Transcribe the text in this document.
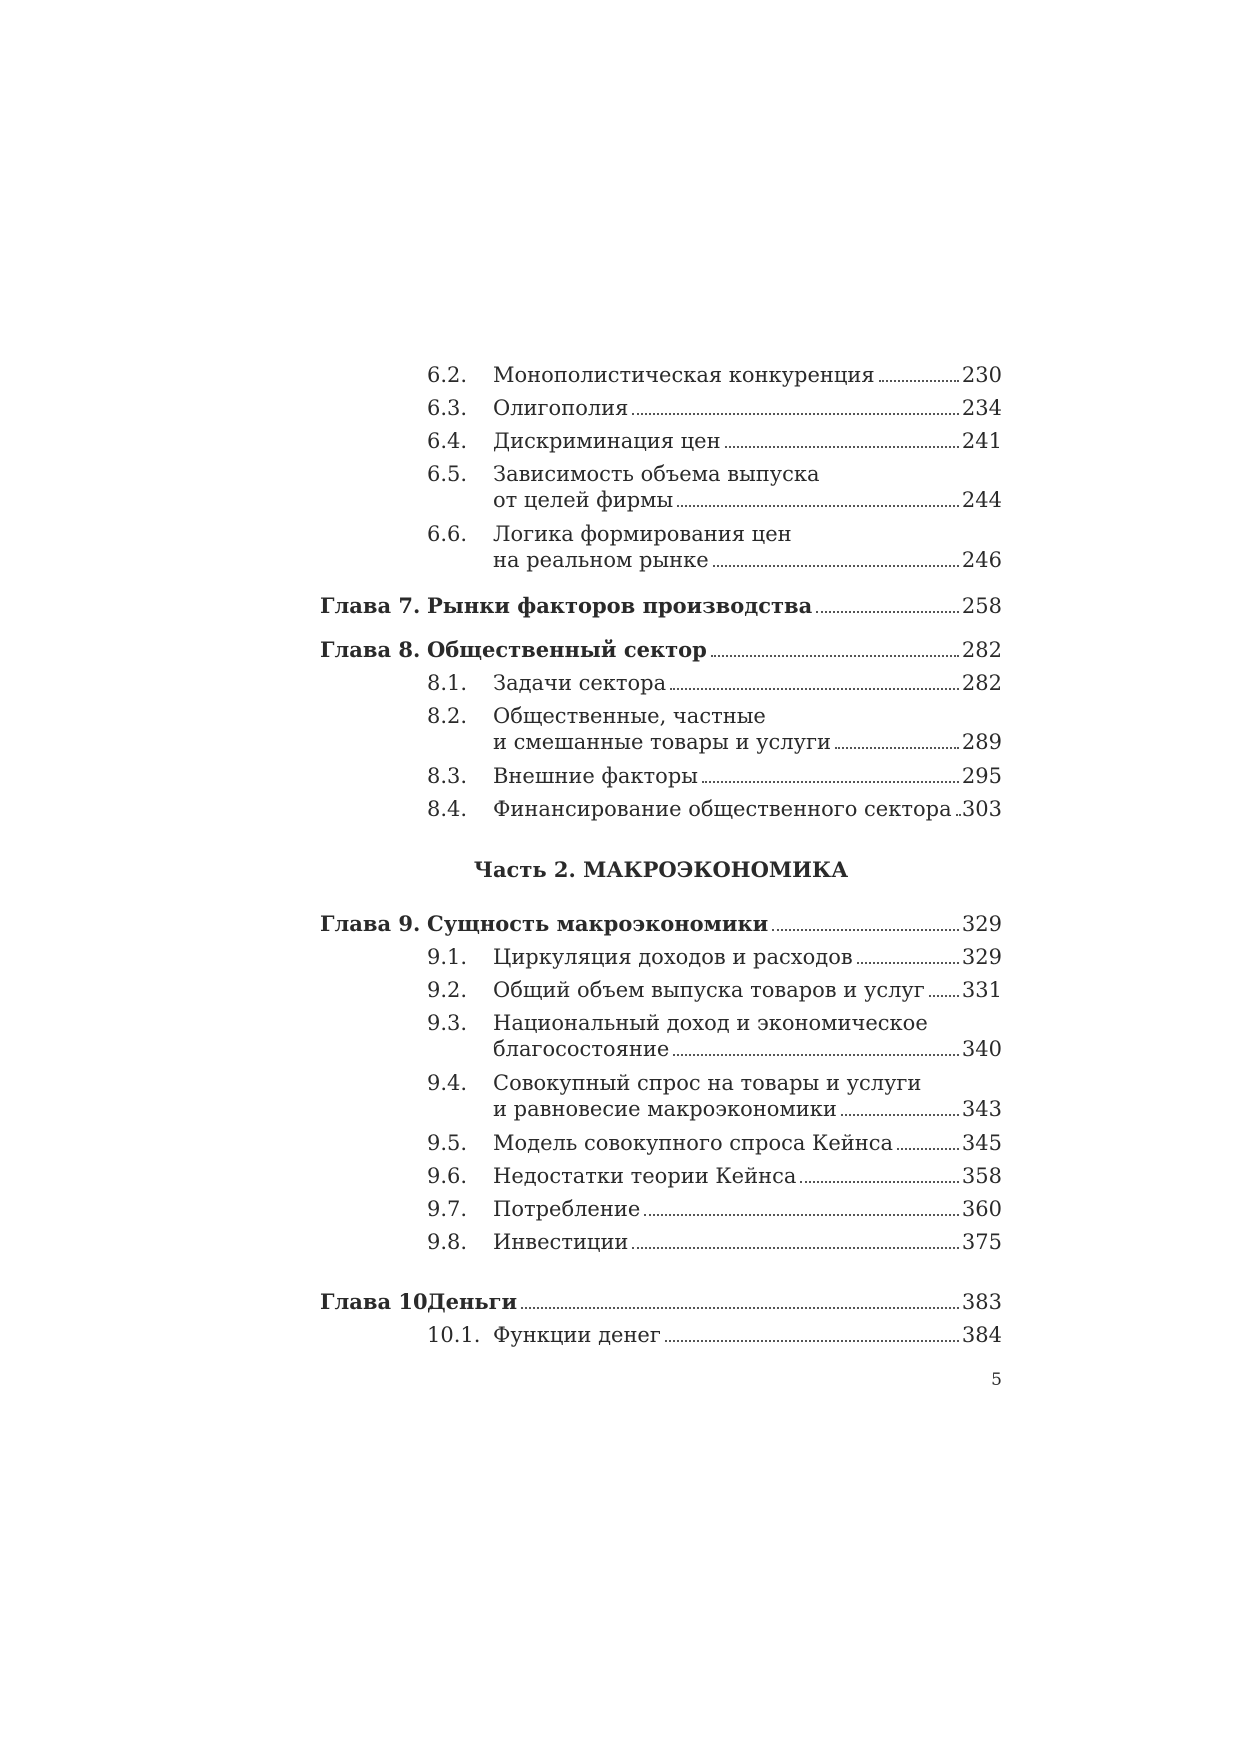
6.2.	Монополистическая конкуренция	230
6.3.	Олигополия	234
6.4.	Дискриминация цен	241
6.5.	Зависимость объема выпуска
от целей фирмы	244
6.6.	Логика формирования цен
на реальном рынке	246
Глава 7. Рынки факторов производства	258
Глава 8. Общественный сектор	282
8.1.	Задачи сектора	282
8.2.	Общественные, частные
и смешанные товары и услуги	289
8.3.	Внешние факторы	295
8.4.	Финансирование общественного сектора 303
Глава 9. Сущность макроэкономики	329
9.1.	Циркуляция доходов и расходов	329
9.2.	Общий объем выпуска товаров и услуг 331
9.3.	Национальный доход и экономическое
благосостояние	340
9.4.	Совокупный спрос на товары и услуги
и равновесие макроэкономики	343
9.5.	Модель совокупного спроса Кейнса	345
9.6.	Недостатки теории Кейнса	358
9.7.	Потребление	360
9.8.	Инвестиции	375
Глава 10.
Деньги	383
10.1. Функции денег	384
Часть 2. МАКРОЭКОНОМИКА
5
